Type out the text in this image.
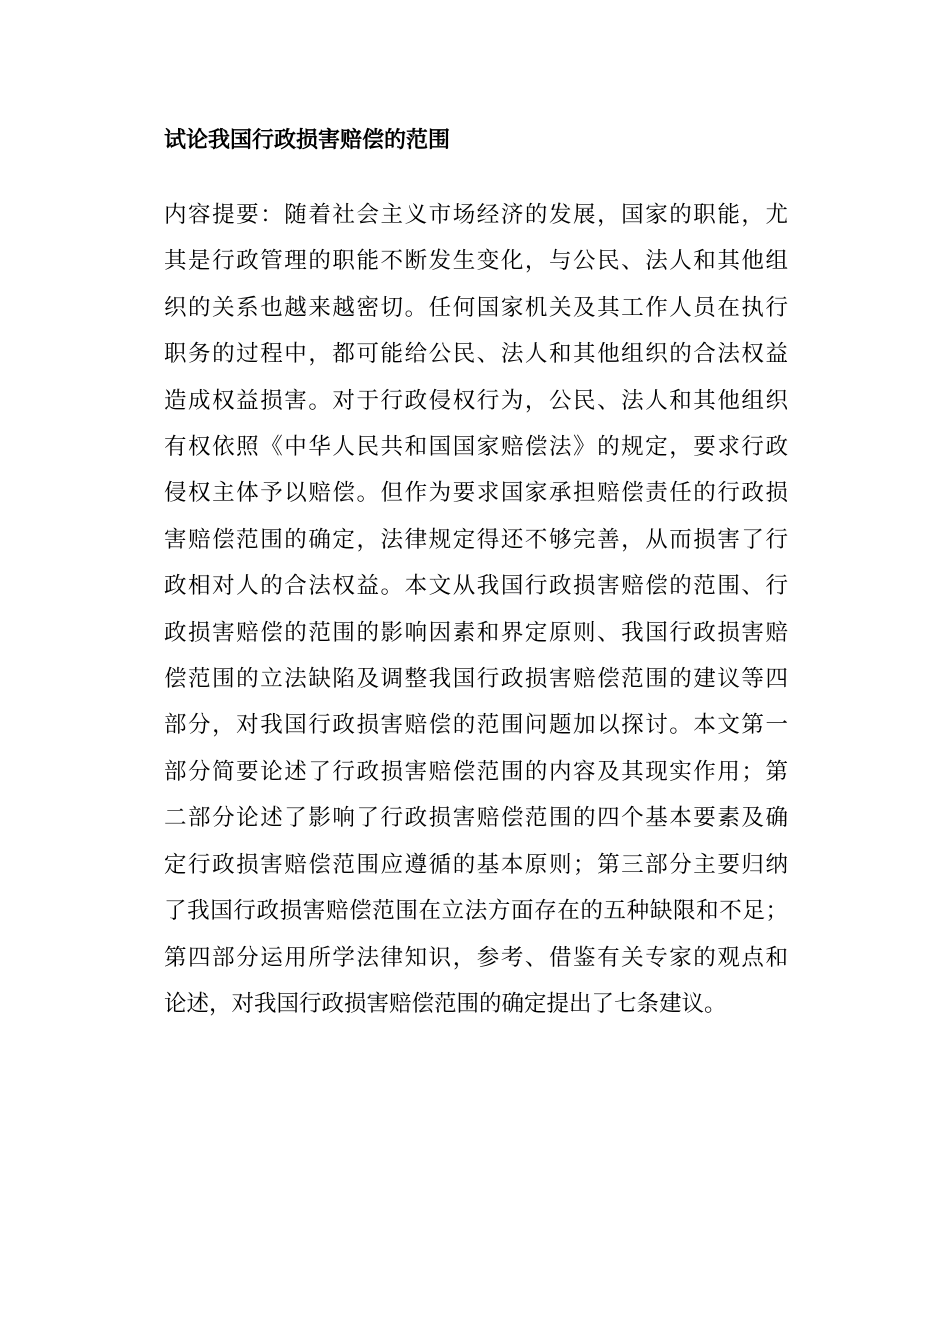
试论我国行政损害赔偿的范围
内容提要：随着社会主义市场经济的发展，国家的职能，尤
其是行政管理的职能不断发生变化，与公民、法人和其他组
织的关系也越来越密切。任何国家机关及其工作人员在执行
职务的过程中，都可能给公民、法人和其他组织的合法权益
造成权益损害。对于行政侵权行为，公民、法人和其他组织
有权依照《中华人民共和国国家赔偿法》的规定，要求行政
侵权主体予以赔偿。但作为要求国家承担赔偿责任的行政损
害赔偿范围的确定，法律规定得还不够完善，从而损害了行
政相对人的合法权益。本文从我国行政损害赔偿的范围、行
政损害赔偿的范围的影响因素和界定原则、我国行政损害赔
偿范围的立法缺陷及调整我国行政损害赔偿范围的建议等四
部分，对我国行政损害赔偿的范围问题加以探讨。本文第一
部分简要论述了行政损害赔偿范围的内容及其现实作用；第
二部分论述了影响了行政损害赔偿范围的四个基本要素及确
定行政损害赔偿范围应遵循的基本原则；第三部分主要归纳
了我国行政损害赔偿范围在立法方面存在的五种缺限和不足；
第四部分运用所学法律知识，参考、借鉴有关专家的观点和
论述，对我国行政损害赔偿范围的确定提出了七条建议。
